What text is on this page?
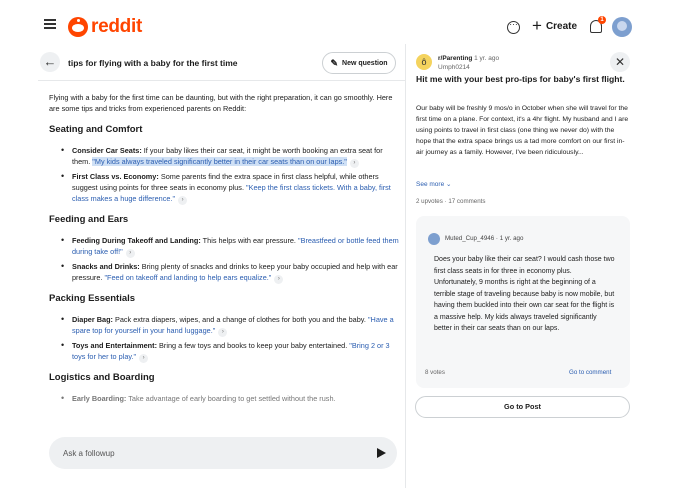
reddit
…	+ Create
1
←	tips for flying with a baby for the first time	✎ New question

Flying with a baby for the first time can be daunting, but with the right preparation, it can go smoothly. Here are some tips and tricks from experienced parents on Reddit:

Seating and Comfort
• Consider Car Seats: If your baby likes their car seat, it might be worth booking an extra seat for them. "My kids always traveled significantly better in their car seats than on our laps." ›
• First Class vs. Economy: Some parents find the extra space in first class helpful, while others suggest using points for three seats in economy plus. "Keep the first class tickets. With a baby, first class makes a huge difference." ›
Feeding and Ears
• Feeding During Takeoff and Landing: This helps with ear pressure. "Breastfeed or bottle feed them during take off!" ›
• Snacks and Drinks: Bring plenty of snacks and drinks to keep your baby occupied and help with ear pressure. "Feed on takeoff and landing to help ears equalize." ›
Packing Essentials
• Diaper Bag: Pack extra diapers, wipes, and a change of clothes for both you and the baby. "Have a spare top for yourself in your hand luggage." ›
• Toys and Entertainment: Bring a few toys and books to keep your baby entertained. "Bring 2 or 3 toys for her to play." ›
Logistics and Boarding
• Early Boarding: Take advantage of early boarding to get settled without the rush.
Ask a followup
ô	r/Parenting 1 yr. ago
Umph0214	✕
Hit me with your best pro-tips for baby's first flight.
Our baby will be freshly 9 mos/o in October when she will travel for the first time on a plane. For context, it's a 4hr flight. My husband and I are using points to travel in first class (one thing we never do) with the hope that the extra space brings us a tad more comfort on our first in-air journey as a family. However, I've been ridiculously...
See more ⌄
2 upvotes · 17 comments
Muted_Cup_4946 · 1 yr. ago
Does your baby like their car seat? I would cash those two first class seats in for three in economy plus. Unfortunately, 9 months is right at the beginning of a terrible stage of traveling because baby is now mobile, but having them buckled into their own car seat for the flight is a massive help. My kids always traveled significantly better in their car seats than on our laps.
8 votes	Go to comment
Go to Post
